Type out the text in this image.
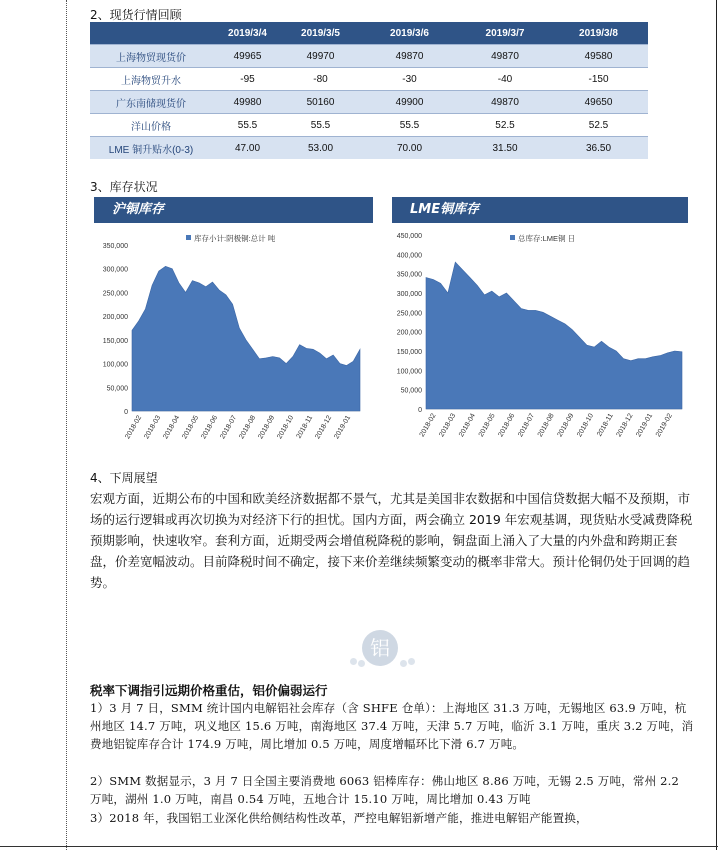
2、现货行情回顾
	2019/3/4	2019/3/5	2019/3/6	2019/3/7	2019/3/8
上海物贸现货价	49965	49970	49870	49870	49580
上海物贸升水	-95	-80	-30	-40	-150
广东南储现货价	49980	50160	49900	49870	49650
洋山价格	55.5	55.5	55.5	52.5	52.5
LME 铜升贴水(0-3)	47.00	53.00	70.00	31.50	36.50
3、库存状况
沪铜库存
库存小计:阴极铜:总计 吨
0
50,000
100,000
150,000
200,000
250,000
300,000
350,000
2018-02 2018-03 2018-04 2018-05 2018-06 2018-07 2018-08 2018-09 2018-10 2018-11 2018-12 2019-01
LME铜库存
总库存:LME铜 日
0
50,000
100,000
150,000
200,000
250,000
300,000
350,000
400,000
450,000
2018-02 2018-03 2018-04 2018-05 2018-06 2018-07 2018-08 2018-09 2018-10 2018-11 2018-12 2019-01 2019-02
4、下周展望
宏观方面，近期公布的中国和欧美经济数据都不景气，尤其是美国非农数据和中国信贷数据大幅不及预期，市场的运行逻辑或再次切换为对经济下行的担忧。国内方面，两会确立 2019 年宏观基调，现货贴水受减费降税预期影响，快速收窄。套利方面，近期受两会增值税降税的影响，铜盘面上涌入了大量的内外盘和跨期正套盘，价差宽幅波动。目前降税时间不确定，接下来价差继续频繁变动的概率非常大。预计伦铜仍处于回调的趋势。
铝
税率下调指引远期价格重估，铝价偏弱运行
1）3 月 7 日，SMM 统计国内电解铝社会库存（含 SHFE 仓单）：上海地区 31.3 万吨，无锡地区 63.9 万吨，杭州地区 14.7 万吨，巩义地区 15.6 万吨，南海地区 37.4 万吨，天津 5.7 万吨，临沂 3.1 万吨，重庆 3.2 万吨，消费地铝锭库存合计 174.9 万吨，周比增加 0.5 万吨，周度增幅环比下滑 6.7 万吨。
2）SMM 数据显示，3 月 7 日全国主要消费地 6063 铝棒库存：佛山地区 8.86 万吨，无锡 2.5 万吨，常州 2.2 万吨，湖州 1.0 万吨，南昌 0.54 万吨，五地合计 15.10 万吨，周比增加 0.43 万吨
3）2018 年，我国铝工业深化供给侧结构性改革，严控电解铝新增产能，推进电解铝产能置换，
